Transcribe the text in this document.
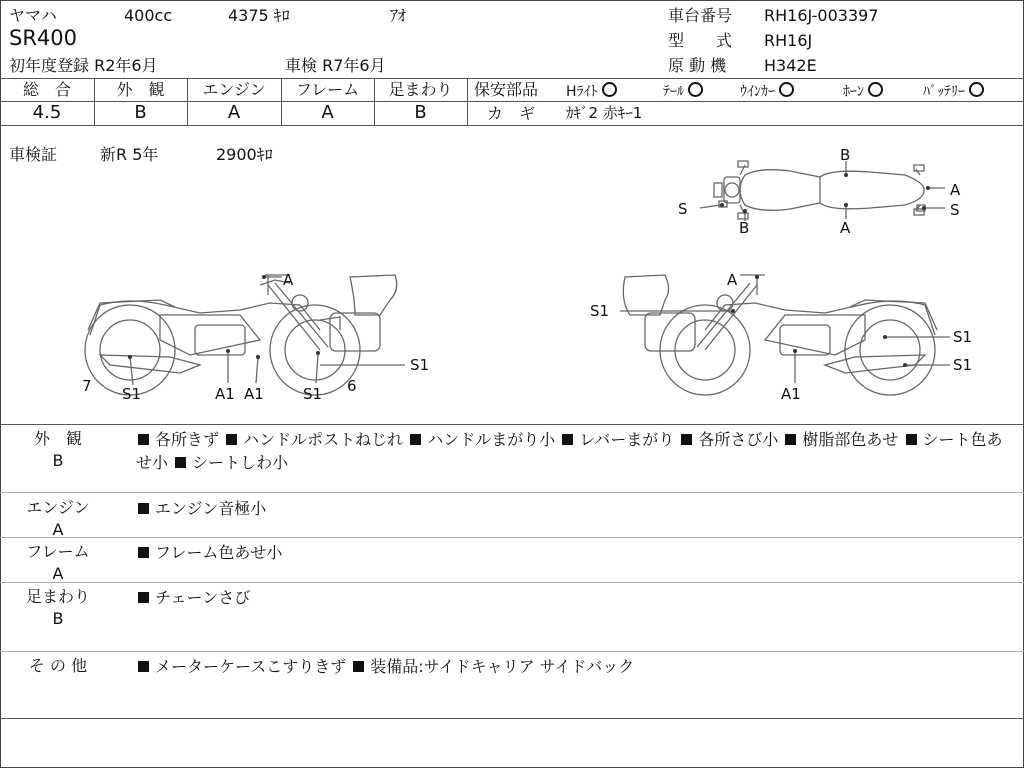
ヤマハ	400cc	4375 ｷﾛ	ｱｵ
SR400
初年度登録 R2年6月	車検 R7年6月
車台番号 RH16J-003397
型　　式 RH16J
原 動 機 H342E
総　合	外　観	エンジン	フレーム	足まわり
4.5	B	A	A	B
保安部品 Hﾗｲﾄ	ﾃｰﾙ	ｳｲﾝｶｰ	ﾎｰﾝ	ﾊﾞｯﾃﾘｰ
カ　ギ ｶｷﾞ2 赤ｷｰ1
車検証	新R 5年	2900ｷﾛ	B
A
S	S
B	A
A
7 S1	A1 A1	S1 6
S1
A
S1
S1
S1
A1
外　観
B
各所きず ハンドルポストねじれ ハンドルまがり小 レバーまがり 各所さび小 樹脂部色あせ シート色あせ小 シートしわ小
エンジン
A
エンジン音極小
フレーム
A
フレーム色あせ小
足まわり
B
チェーンさび
そ の 他	メーターケースこすりきず 装備品:サイドキャリア サイドバック
